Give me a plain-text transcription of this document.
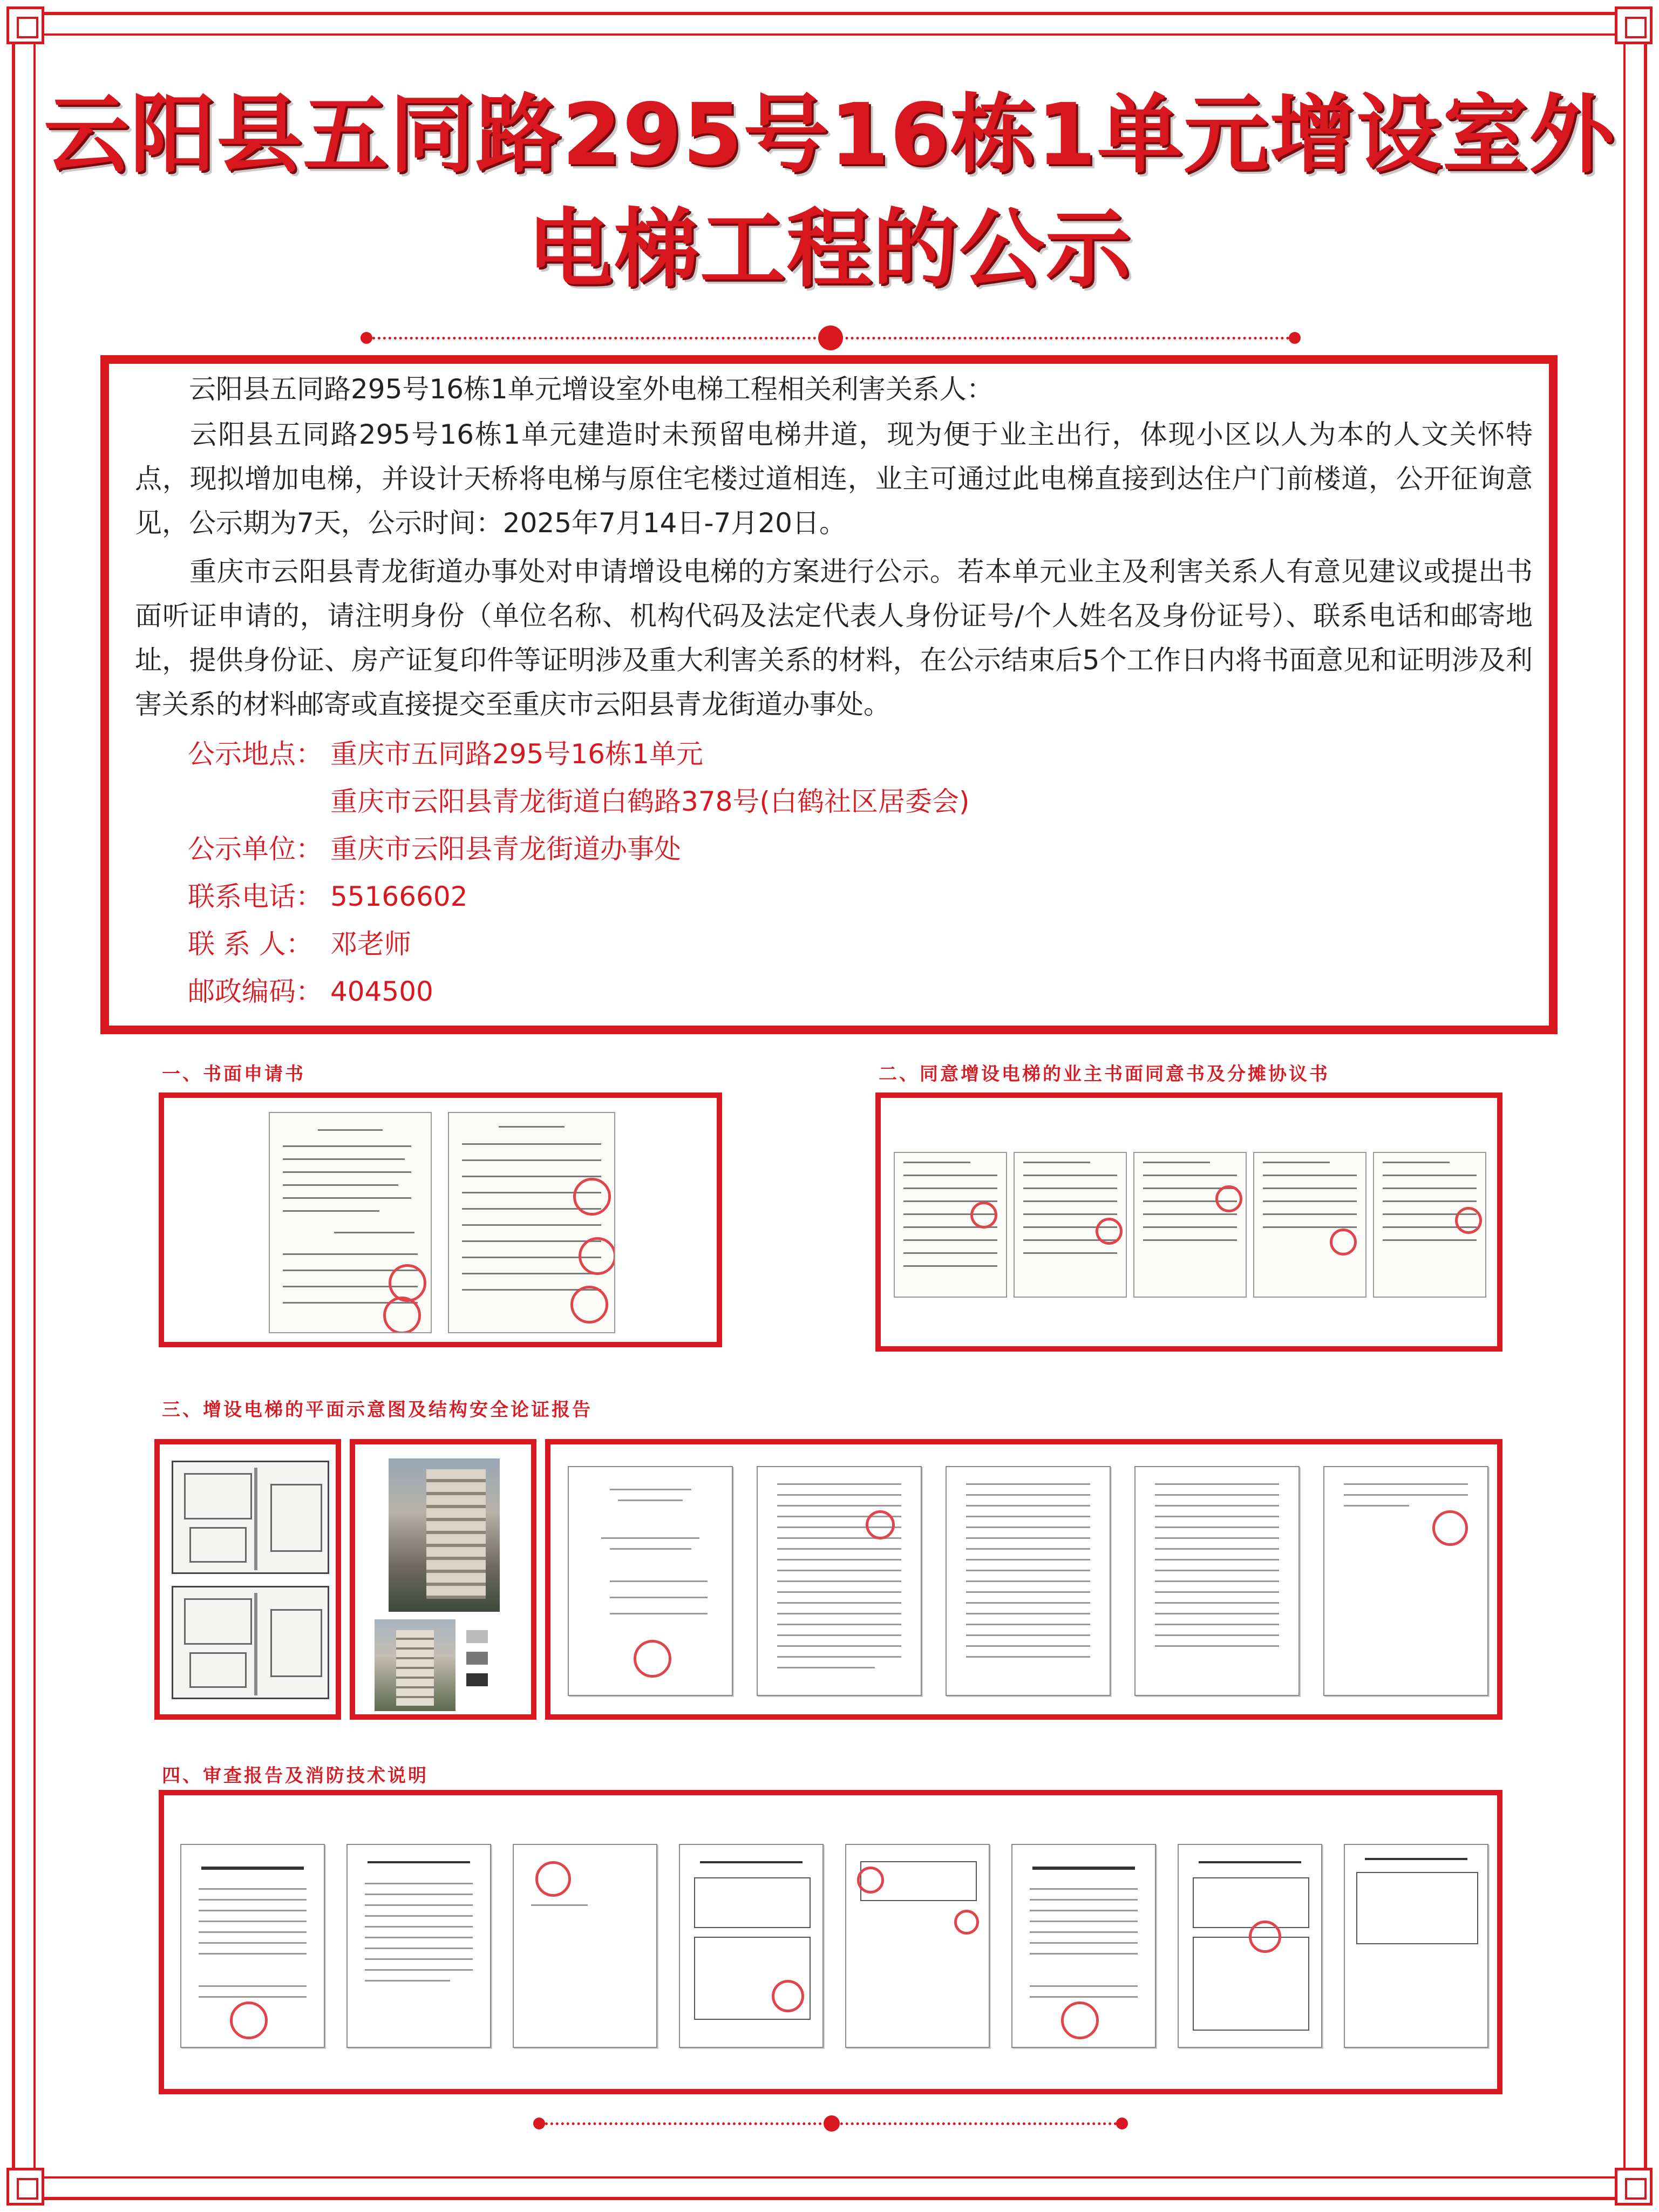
云阳县五同路295号16栋1单元增设室外
电梯工程的公示
云阳县五同路295号16栋1单元增设室外电梯工程相关利害关系人：
云阳县五同路295号16栋1单元建造时未预留电梯井道，现为便于业主出行，体现小区以人为本的人文关怀特点，现拟增加电梯，并设计天桥将电梯与原住宅楼过道相连，业主可通过此电梯直接到达住户门前楼道，公开征询意见，公示期为7天，公示时间：2025年7月14日-7月20日。
重庆市云阳县青龙街道办事处对申请增设电梯的方案进行公示。若本单元业主及利害关系人有意见建议或提出书面听证申请的，请注明身份（单位名称、机构代码及法定代表人身份证号/个人姓名及身份证号）、联系电话和邮寄地址，提供身份证、房产证复印件等证明涉及重大利害关系的材料，在公示结束后5个工作日内将书面意见和证明涉及利害关系的材料邮寄或直接提交至重庆市云阳县青龙街道办事处。
公示地点： 重庆市五同路295号16栋1单元
重庆市云阳县青龙街道白鹤路378号(白鹤社区居委会)
公示单位： 重庆市云阳县青龙街道办事处
联系电话： 55166602
联 系 人： 邓老师
邮政编码： 404500
一、书面申请书	二、同意增设电梯的业主书面同意书及分摊协议书
三、增设电梯的平面示意图及结构安全论证报告
四、审查报告及消防技术说明
